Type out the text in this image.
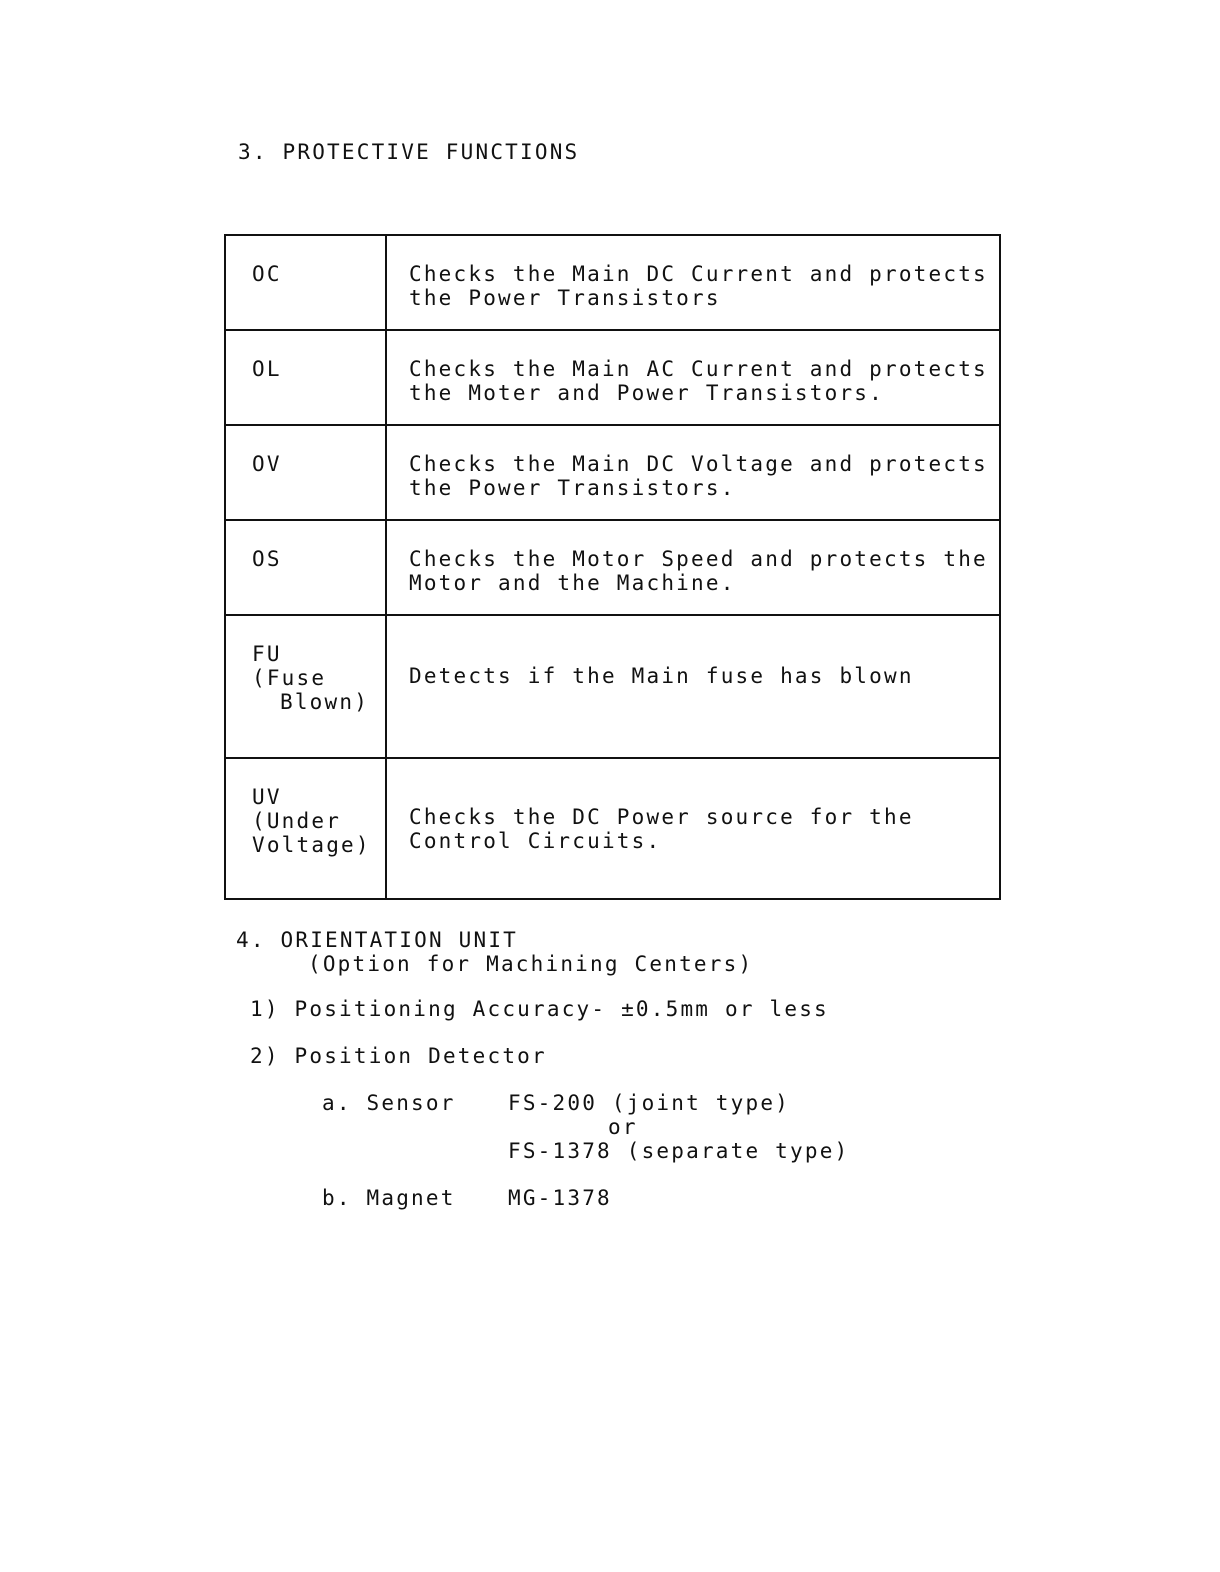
3. PROTECTIVE FUNCTIONS
OC	Checks the Main DC Current and protects
the Power Transistors

OL	Checks the Main AC Current and protects
the Moter and Power Transistors.

OV	Checks the Main DC Voltage and protects
the Power Transistors.

OS	Checks the Motor Speed and protects the
Motor and the Machine.

FU
(Fuse
Blown)	Detects if the Main fuse has blown

UV
(Under
Voltage)	Checks the DC Power source for the
Control Circuits.
4. ORIENTATION UNIT
(Option for Machining Centers)
1) Positioning Accuracy- ±0.5mm or less
2) Position Detector
a. Sensor FS-200 (joint type)
or
FS-1378 (separate type)
b. Magnet MG-1378
